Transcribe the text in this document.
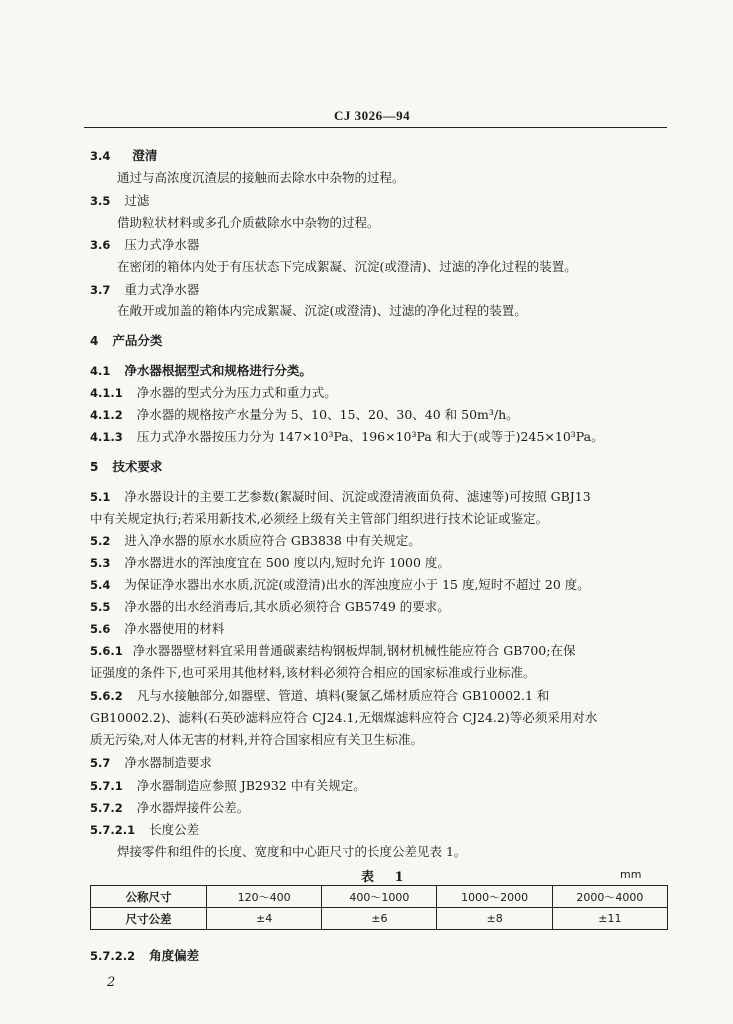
CJ 3026—94
3.4 澄清
通过与高浓度沉渣层的接触而去除水中杂物的过程。
3.5 过滤
借助粒状材料或多孔介质截除水中杂物的过程。
3.6 压力式净水器
在密闭的箱体内处于有压状态下完成絮凝、沉淀(或澄清)、过滤的净化过程的装置。
3.7 重力式净水器
在敞开或加盖的箱体内完成絮凝、沉淀(或澄清)、过滤的净化过程的装置。
4 产品分类
4.1 净水器根据型式和规格进行分类。
4.1.1 净水器的型式分为压力式和重力式。
4.1.2 净水器的规格按产水量分为 5、10、15、20、30、40 和 50m³/h。
4.1.3 压力式净水器按压力分为 147×10³Pa、196×10³Pa 和大于(或等于)245×10³Pa。
5 技术要求
5.1 净水器设计的主要工艺参数(絮凝时间、沉淀或澄清液面负荷、滤速等)可按照 GBJ13
中有关规定执行;若采用新技术,必须经上级有关主管部门组织进行技术论证或鉴定。
5.2 进入净水器的原水水质应符合 GB3838 中有关规定。
5.3 净水器进水的浑浊度宜在 500 度以内,短时允许 1000 度。
5.4 为保证净水器出水水质,沉淀(或澄清)出水的浑浊度应小于 15 度,短时不超过 20 度。
5.5 净水器的出水经消毒后,其水质必须符合 GB5749 的要求。
5.6 净水器使用的材料
5.6.1 净水器器壁材料宜采用普通碳素结构钢板焊制,钢材机械性能应符合 GB700;在保
证强度的条件下,也可采用其他材料,该材料必须符合相应的国家标准或行业标准。
5.6.2 凡与水接触部分,如器壁、管道、填料(聚氯乙烯材质应符合 GB10002.1 和
GB10002.2)、滤料(石英砂滤料应符合 CJ24.1,无烟煤滤料应符合 CJ24.2)等必须采用对水
质无污染,对人体无害的材料,并符合国家相应有关卫生标准。
5.7 净水器制造要求
5.7.1 净水器制造应参照 JB2932 中有关规定。
5.7.2 净水器焊接件公差。
5.7.2.1 长度公差
焊接零件和组件的长度、宽度和中心距尺寸的长度公差见表 1。
表 1	mm
公称尺寸	120～400	400～1000	1000～2000	2000～4000
尺寸公差	±4	±6	±8	±11
5.7.2.2 角度偏差
2
